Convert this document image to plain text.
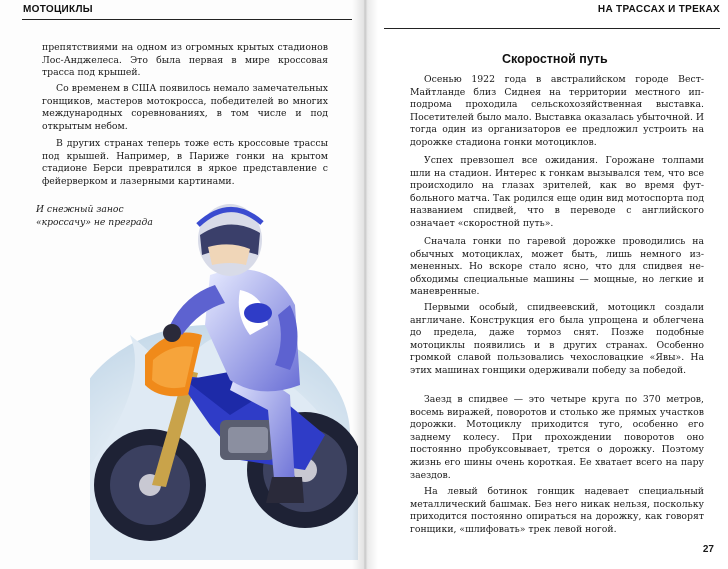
МОТОЦИКЛЫ

препятствиями на одном из огромных крытых стадионов Лос-Анджелеса. Это была первая в мире кроссовая трасса под крышей.

Со временем в США появилось немало замечательных гонщиков, мастеров мотокросса, победителей во многих международных соревнованиях, в том числе и под открытым небом.

В других странах теперь тоже есть кроссовые трассы под крышей. Например, в Париже гонки на крытом стадионе Берси превратился в яркое представление с фейерверком и лазерными картинами.

И снежный занос
«кроссачу» не преграда
НА ТРАССАХ И ТРЕКАХ
Скоростной путь

Осенью 1922 года в австралийском городе Вест-Майтланде близ Сиднея на территории местного ипподрома проходила сельскохозяйственная выставка. Посетителей было мало. Выставка оказалась убыточной. И тогда один из организаторов ее предложил устроить на дорожке стадиона гонки мотоциклов.

Успех превзошел все ожидания. Горожане толпами шли на стадион. Интерес к гонкам вызывался тем, что все происходило на глазах зрителей, как во время футбольного матча. Так родился еще один вид мотоспорта под названием спидвей, что в переводе с английского означает «скоростной путь».

Сначала гонки по гаревой дорожке проводились на обычных мотоциклах, может быть, лишь немного измененных. Но вскоре стало ясно, что для спидвея необходимы специальные машины — мощные, но легкие и маневренные.

Первыми особый, спидвеевский, мотоцикл создали англичане. Конструкция его была упрощена и облегчена до предела, даже тормоз снят. Позже подобные мотоциклы появились и в других странах. Особенно громкой славой пользовались чехословацкие «Явы». На этих машинах гонщики одерживали победу за победой.

Заезд в спидвее — это четыре круга по 370 метров, восемь виражей, поворотов и столько же прямых участков дорожки. Мотоциклу приходится туго, особенно его заднему колесу. При прохождении поворотов оно постоянно пробуксовывает, трется о дорожку. Поэтому жизнь его шины очень короткая. Ее хватает всего на пару заездов.

На левый ботинок гонщик надевает специальный металлический башмак. Без него никак нельзя, поскольку приходится постоянно опираться на дорожку, как говорят гонщики, «шлифовать» трек левой ногой.

27
